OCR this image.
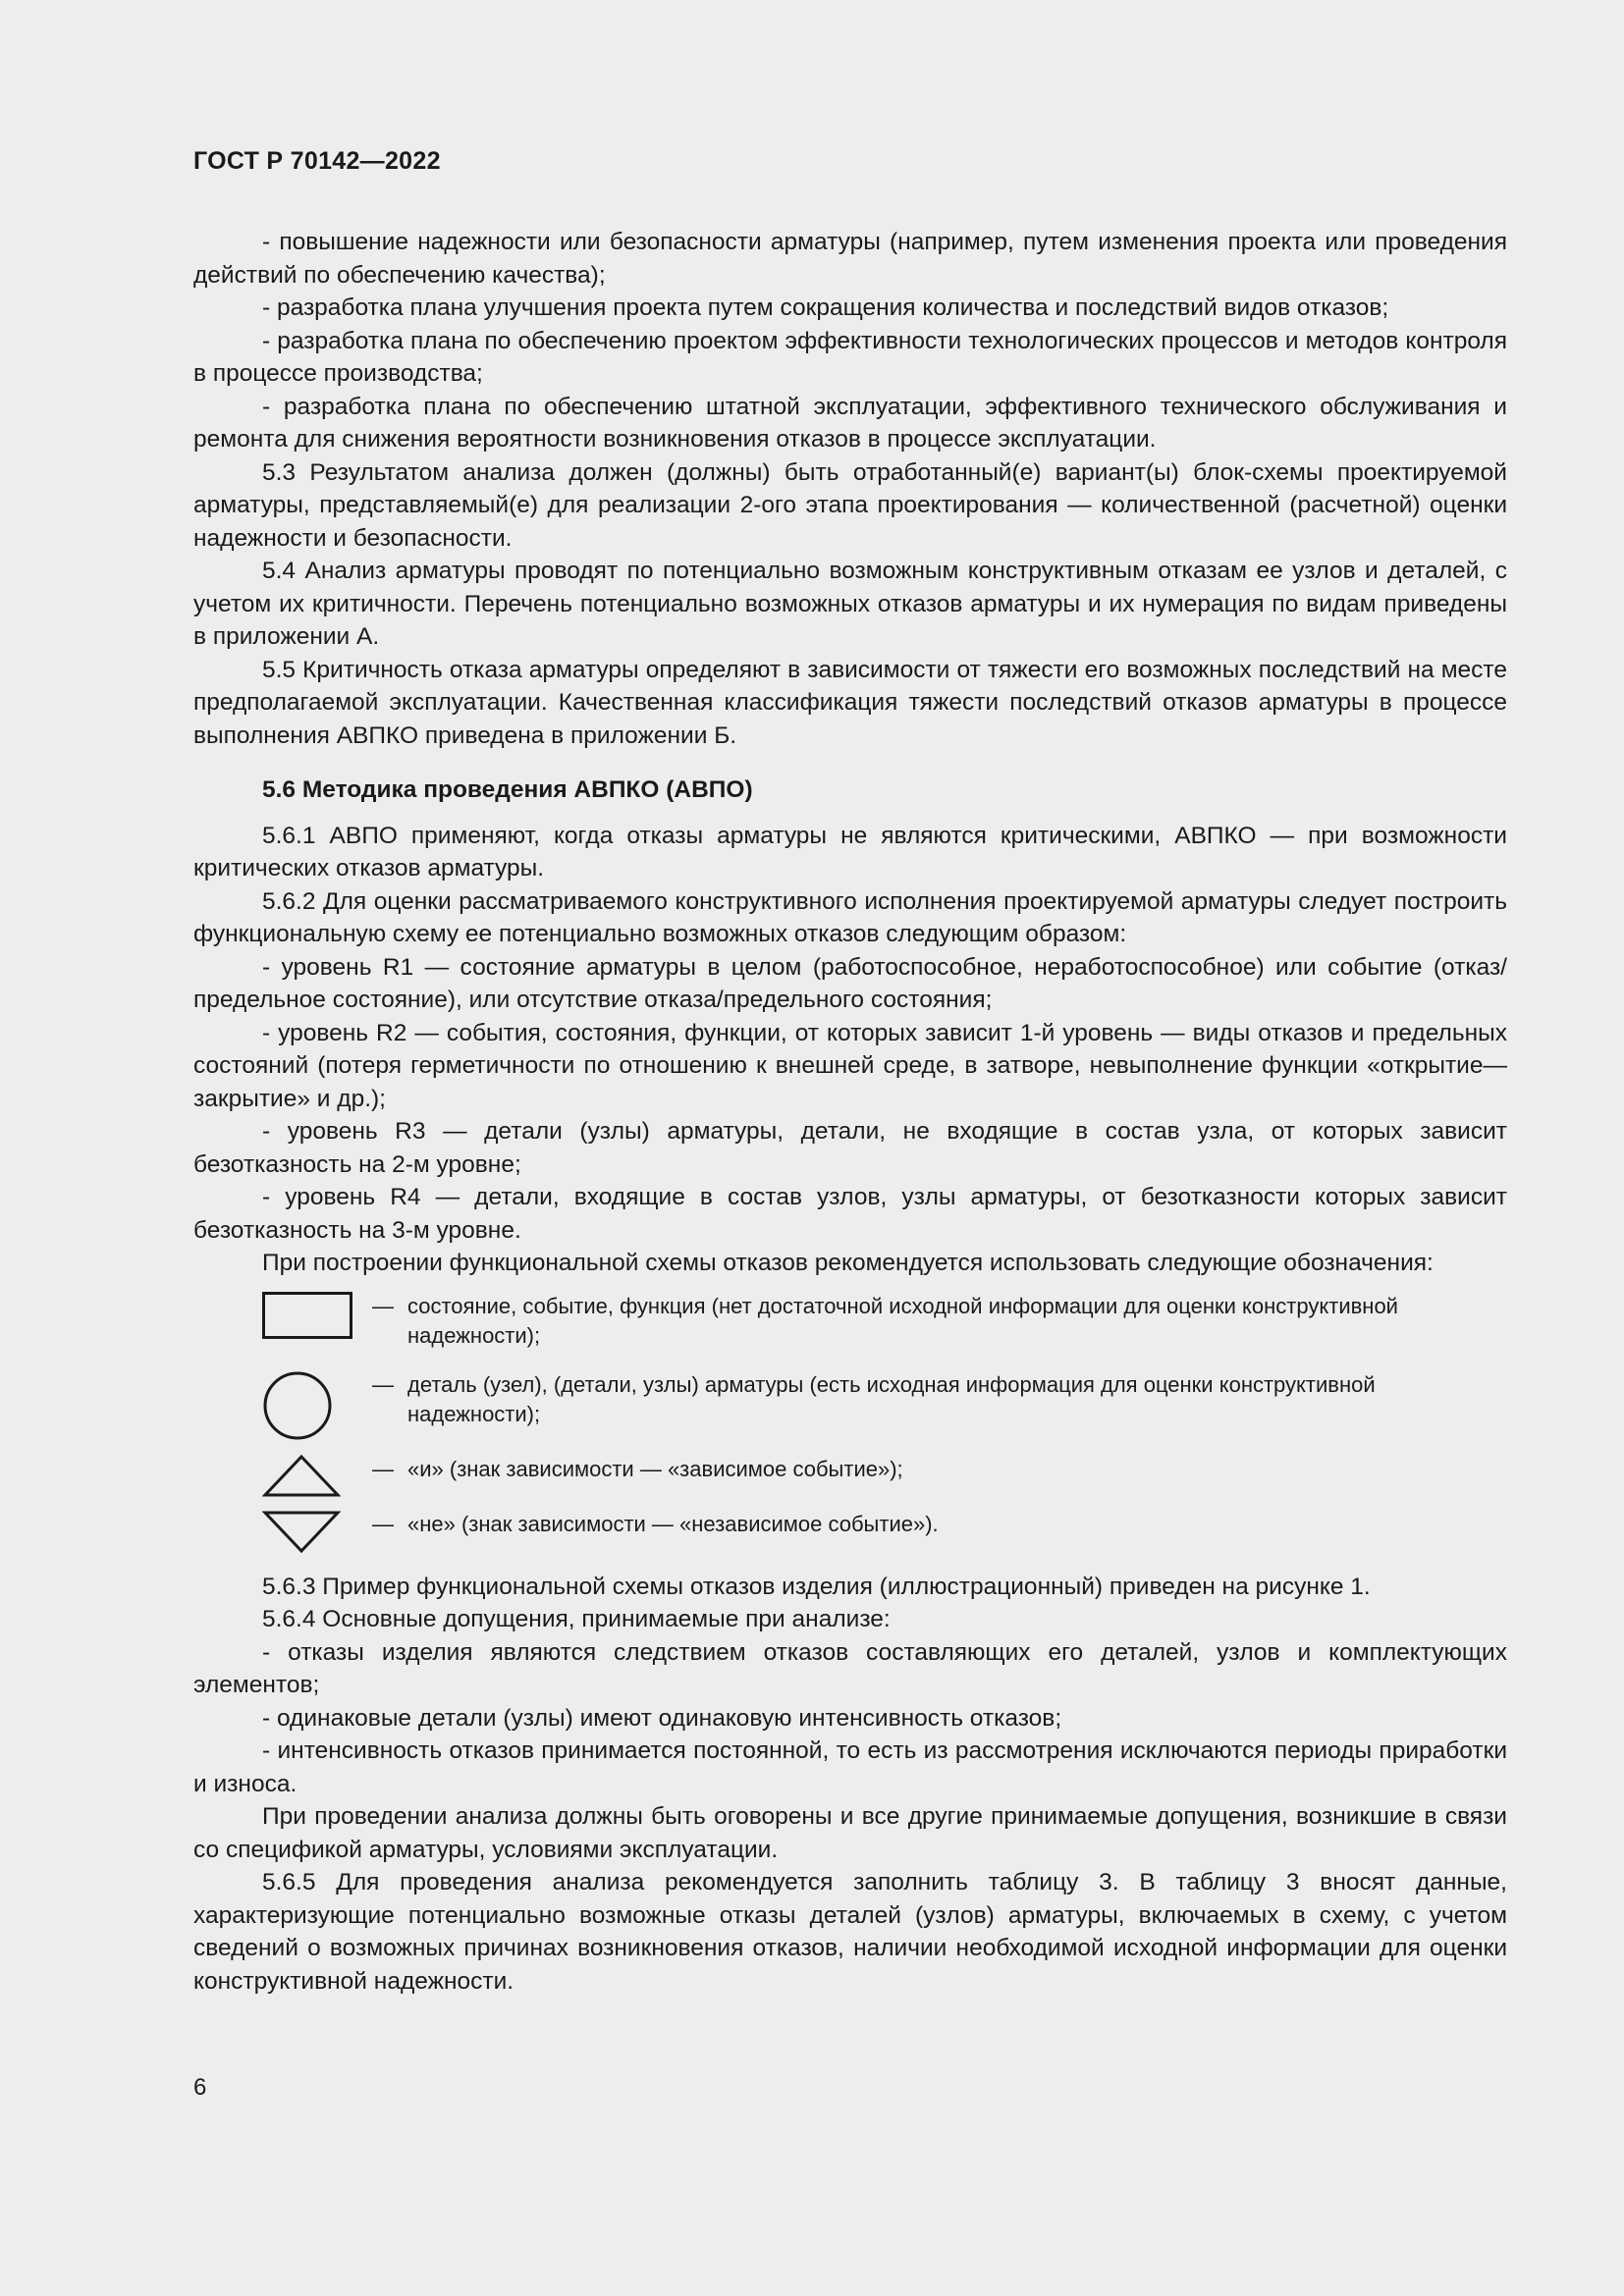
ГОСТ Р 70142—2022

- повышение надежности или безопасности арматуры (например, путем изменения проекта или проведения действий по обеспечению качества);

- разработка плана улучшения проекта путем сокращения количества и последствий видов отказов;

- разработка плана по обеспечению проектом эффективности технологических процессов и методов контроля в процессе производства;

- разработка плана по обеспечению штатной эксплуатации, эффективного технического обслуживания и ремонта для снижения вероятности возникновения отказов в процессе эксплуатации.

5.3 Результатом анализа должен (должны) быть отработанный(е) вариант(ы) блок-схемы проектируемой арматуры, представляемый(е) для реализации 2-ого этапа проектирования — количественной (расчетной) оценки надежности и безопасности.

5.4 Анализ арматуры проводят по потенциально возможным конструктивным отказам ее узлов и деталей, с учетом их критичности. Перечень потенциально возможных отказов арматуры и их нумерация по видам приведены в приложении А.

5.5 Критичность отказа арматуры определяют в зависимости от тяжести его возможных последствий на месте предполагаемой эксплуатации. Качественная классификация тяжести последствий отказов арматуры в процессе выполнения АВПКО приведена в приложении Б.

5.6 Методика проведения АВПКО (АВПО)

5.6.1 АВПО применяют, когда отказы арматуры не являются критическими, АВПКО — при возможности критических отказов арматуры.

5.6.2 Для оценки рассматриваемого конструктивного исполнения проектируемой арматуры следует построить функциональную схему ее потенциально возможных отказов следующим образом:

- уровень R1 — состояние арматуры в целом (работоспособное, неработоспособное) или событие (отказ/предельное состояние), или отсутствие отказа/предельного состояния;

- уровень R2 — события, состояния, функции, от которых зависит 1-й уровень — виды отказов и предельных состояний (потеря герметичности по отношению к внешней среде, в затворе, невыполнение функции «открытие—закрытие» и др.);

- уровень R3 — детали (узлы) арматуры, детали, не входящие в состав узла, от которых зависит безотказность на 2-м уровне;

- уровень R4 — детали, входящие в состав узлов, узлы арматуры, от безотказности которых зависит безотказность на 3-м уровне.

При построении функциональной схемы отказов рекомендуется использовать следующие обозначения:

— состояние, событие, функция (нет достаточной исходной информации для оценки конструктивной надежности);
— деталь (узел), (детали, узлы) арматуры (есть исходная информация для оценки конструктивной надежности);
— «и» (знак зависимости — «зависимое событие»);
— «не» (знак зависимости — «независимое событие»).

5.6.3 Пример функциональной схемы отказов изделия (иллюстрационный) приведен на рисунке 1.

5.6.4 Основные допущения, принимаемые при анализе:

- отказы изделия являются следствием отказов составляющих его деталей, узлов и комплектующих элементов;

- одинаковые детали (узлы) имеют одинаковую интенсивность отказов;

- интенсивность отказов принимается постоянной, то есть из рассмотрения исключаются периоды приработки и износа.

При проведении анализа должны быть оговорены и все другие принимаемые допущения, возникшие в связи со спецификой арматуры, условиями эксплуатации.

5.6.5 Для проведения анализа рекомендуется заполнить таблицу 3. В таблицу 3 вносят данные, характеризующие потенциально возможные отказы деталей (узлов) арматуры, включаемых в схему, с учетом сведений о возможных причинах возникновения отказов, наличии необходимой исходной информации для оценки конструктивной надежности.

6
